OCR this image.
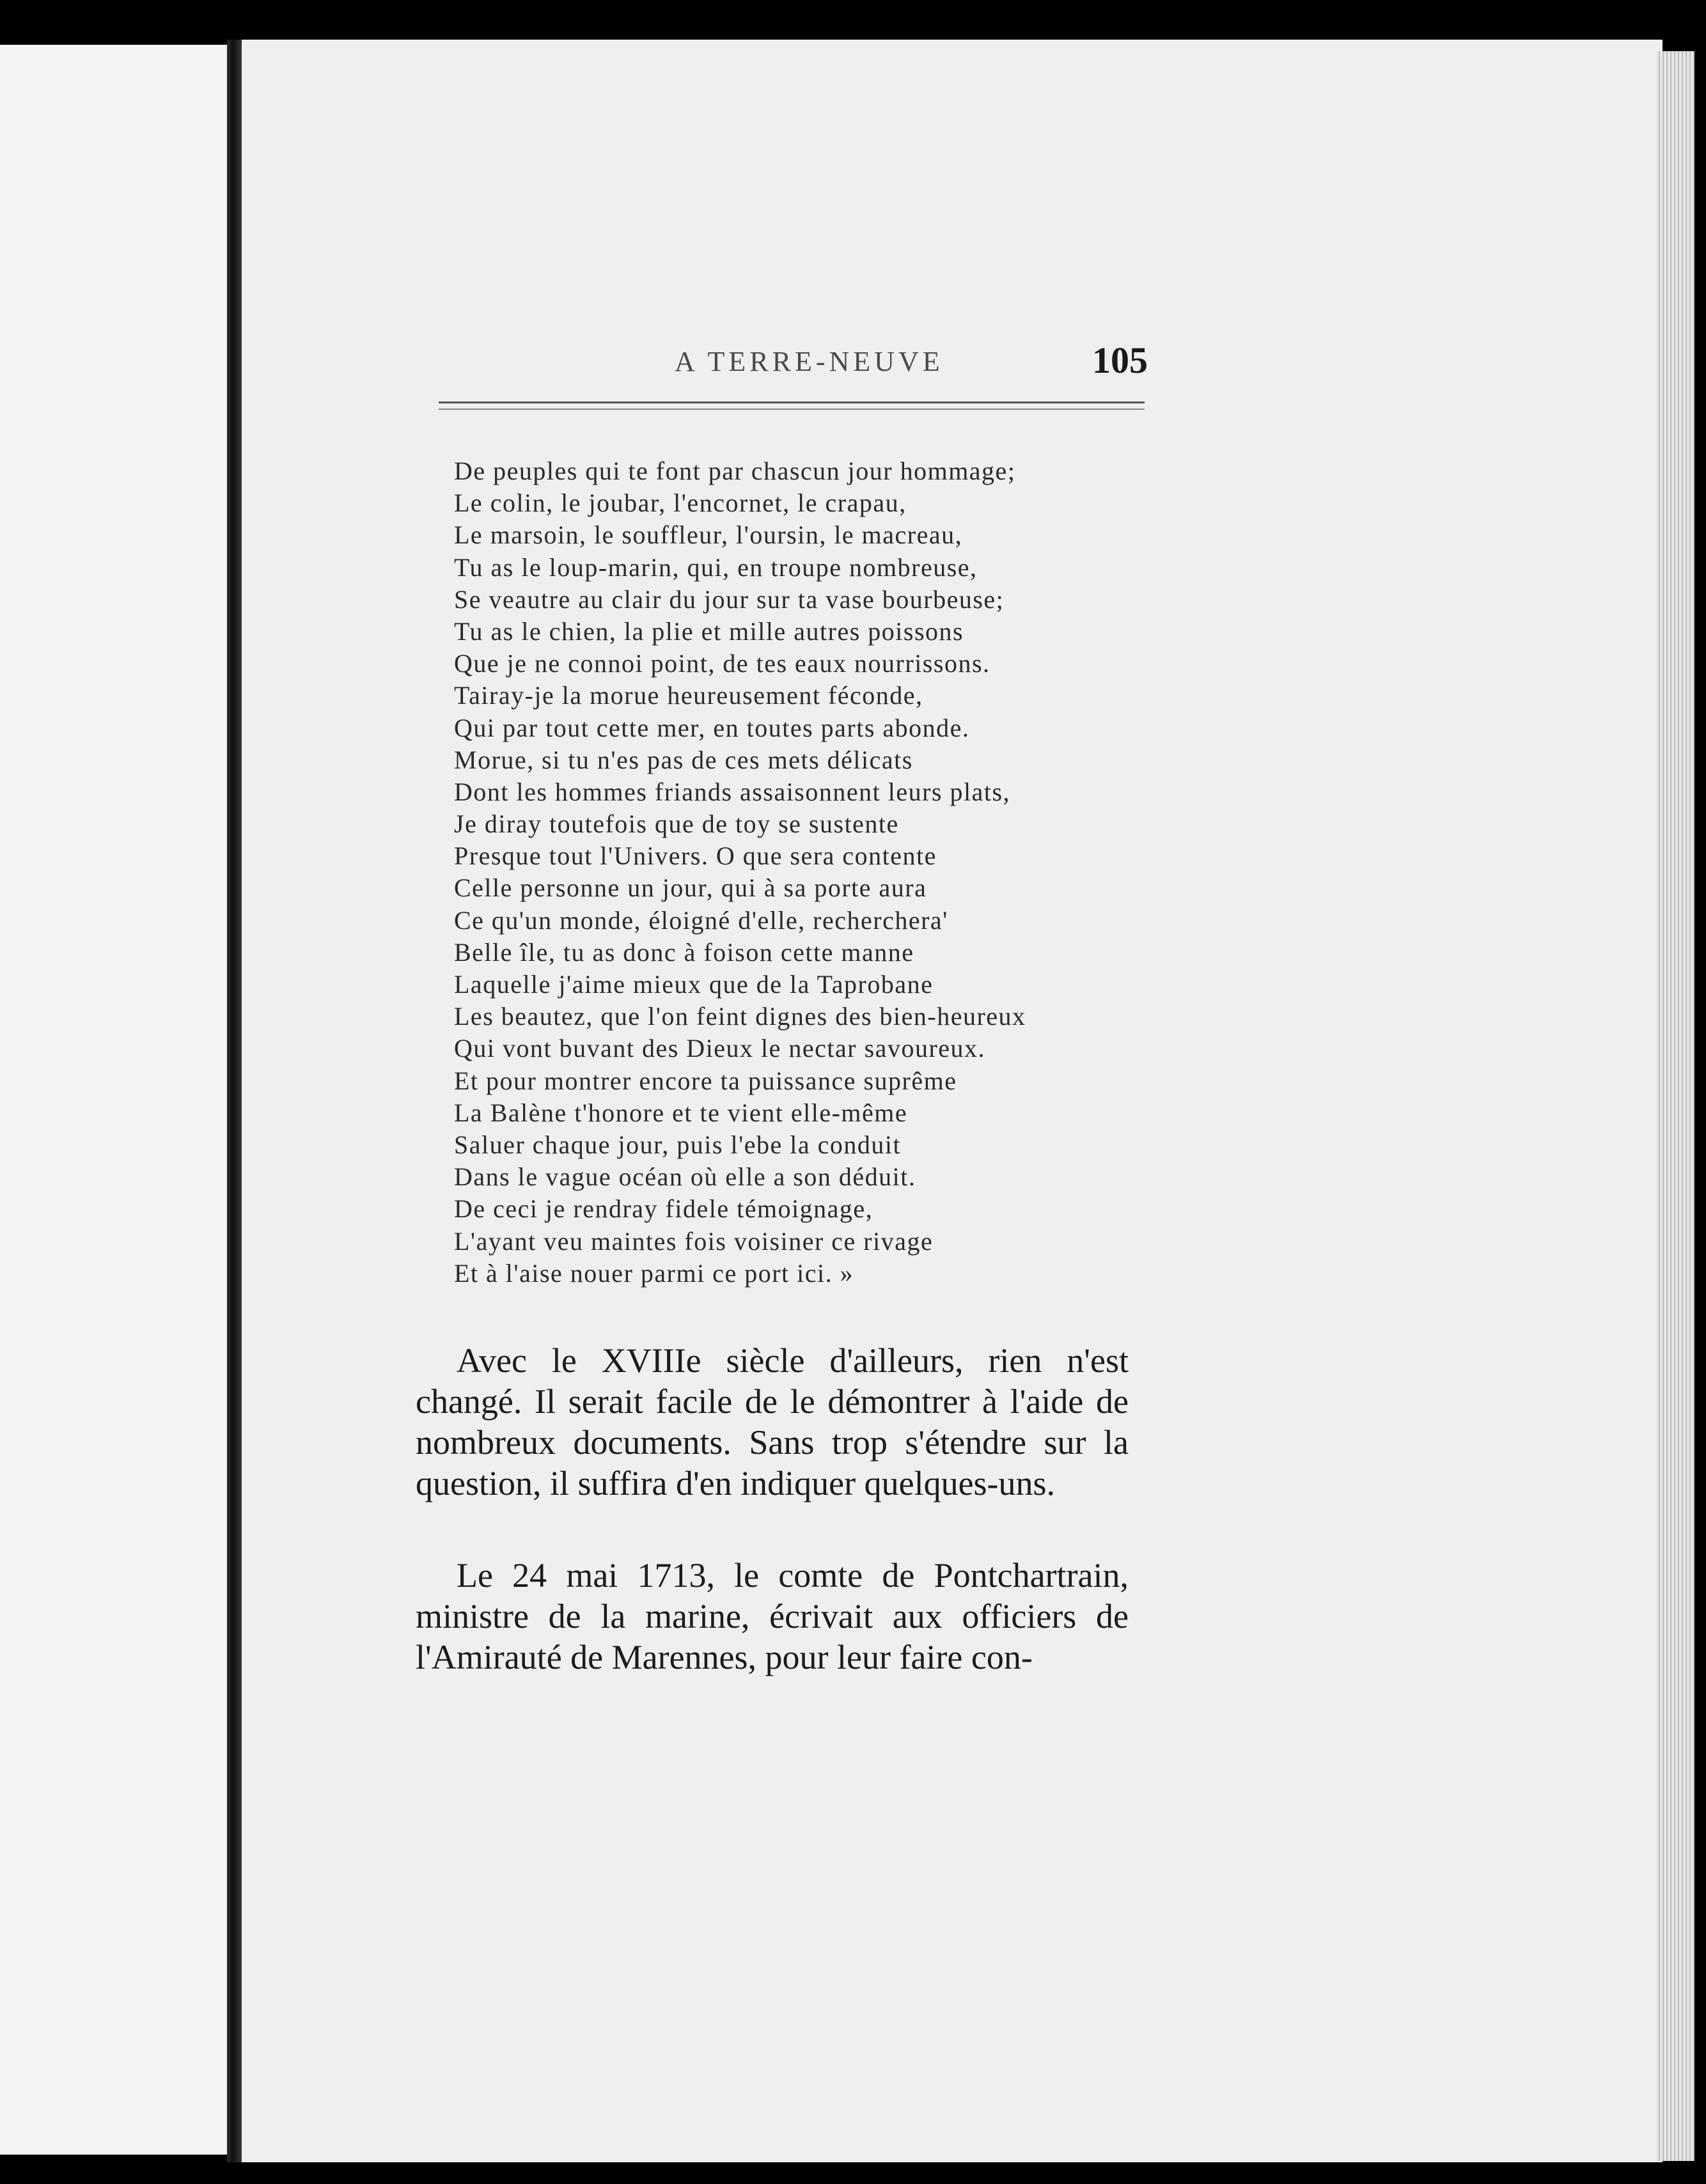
A TERRE-NEUVE	105
De peuples qui te font par chascun jour hommage;
Le colin, le joubar, l'encornet, le crapau,
Le marsoin, le souffleur, l'oursin, le macreau,
Tu as le loup-marin, qui, en troupe nombreuse,
Se veautre au clair du jour sur ta vase bourbeuse;
Tu as le chien, la plie et mille autres poissons
Que je ne connoi point, de tes eaux nourrissons.
Tairay-je la morue heureusement féconde,
Qui par tout cette mer, en toutes parts abonde.
Morue, si tu n'es pas de ces mets délicats
Dont les hommes friands assaisonnent leurs plats,
Je diray toutefois que de toy se sustente
Presque tout l'Univers. O que sera contente
Celle personne un jour, qui à sa porte aura
Ce qu'un monde, éloigné d'elle, recherchera'
Belle île, tu as donc à foison cette manne
Laquelle j'aime mieux que de la Taprobane
Les beautez, que l'on feint dignes des bien-heureux
Qui vont buvant des Dieux le nectar savoureux.
Et pour montrer encore ta puissance suprême
La Balène t'honore et te vient elle-même
Saluer chaque jour, puis l'ebe la conduit
Dans le vague océan où elle a son déduit.
De ceci je rendray fidele témoignage,
L'ayant veu maintes fois voisiner ce rivage
Et à l'aise nouer parmi ce port ici. »

Avec le XVIIIe siècle d'ailleurs, rien n'est changé. Il serait facile de le démontrer à l'aide de nombreux documents. Sans trop s'étendre sur la question, il suffira d'en indiquer quelques-uns.

Le 24 mai 1713, le comte de Pontchartrain, ministre de la marine, écrivait aux officiers de l'Amirauté de Marennes, pour leur faire con-
